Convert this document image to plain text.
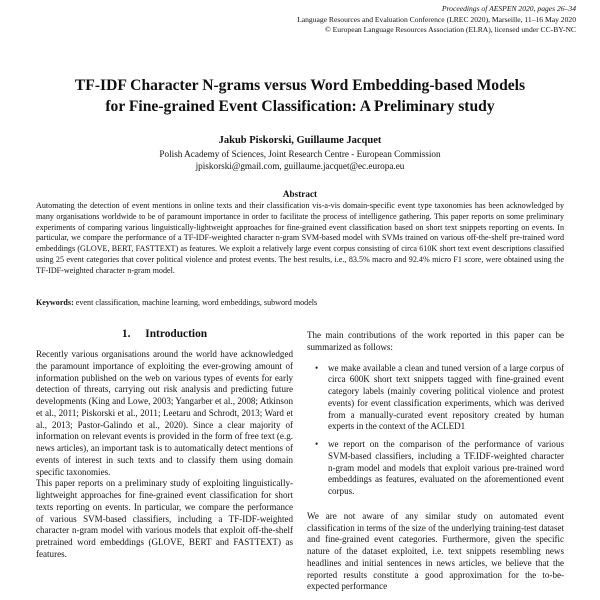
Proceedings of AESPEN 2020, pages 26–34
Language Resources and Evaluation Conference (LREC 2020), Marseille, 11–16 May 2020
© European Language Resources Association (ELRA), licensed under CC-BY-NC
TF-IDF Character N-grams versus Word Embedding-based Models
for Fine-grained Event Classification: A Preliminary study
Jakub Piskorski, Guillaume Jacquet
Polish Academy of Sciences, Joint Research Centre - European Commission
jpiskorski@gmail.com, guillaume.jacquet@ec.europa.eu
Abstract
Automating the detection of event mentions in online texts and their classification vis-a-vis domain-specific event type taxonomies has been acknowledged by many organisations worldwide to be of paramount importance in order to facilitate the process of intelligence gathering. This paper reports on some preliminary experiments of comparing various linguistically-lightweight approaches for fine-grained event classification based on short text snippets reporting on events. In particular, we compare the performance of a TF-IDF-weighted character n-gram SVM-based model with SVMs trained on various off-the-shelf pre-trained word embeddings (GLOVE, BERT, FASTTEXT) as features. We exploit a relatively large event corpus consisting of circa 610K short text event descriptions classified using 25 event categories that cover political violence and protest events. The best results, i.e., 83.5% macro and 92.4% micro F1 score, were obtained using the TF-IDF-weighted character n-gram model.
Keywords: event classification, machine learning, word embeddings, subword models
1. Introduction

Recently various organisations around the world have acknowledged the paramount importance of exploiting the ever-growing amount of information published on the web on various types of events for early detection of threats, carrying out risk analysis and predicting future developments (King and Lowe, 2003; Yangarber et al., 2008; Atkinson et al., 2011; Piskorski et al., 2011; Leetaru and Schrodt, 2013; Ward et al., 2013; Pastor-Galindo et al., 2020). Since a clear majority of information on relevant events is provided in the form of free text (e.g. news articles), an important task is to automatically detect mentions of events of interest in such texts and to classify them using domain specific taxonomies.

This paper reports on a preliminary study of exploiting linguistically-lightweight approaches for fine-grained event classification for short texts reporting on events. In particular, we compare the performance of various SVM-based classifiers, including a TF-IDF-weighted character n-gram model with various models that exploit off-the-shelf pretrained word embeddings (GLOVE, BERT and FASTTEXT) as features.

The main contributions of the work reported in this paper can be summarized as follows:

• we make available a clean and tuned version of a large corpus of circa 600K short text snippets tagged with fine-grained event category labels (mainly covering political violence and protest events) for event classification experiments, which was derived from a manually-curated event repository created by human experts in the context of the ACLED1
• we report on the comparison of the performance of various SVM-based classifiers, including a TF.IDF-weighted character n-gram model and models that exploit various pre-trained word embeddings as features, evaluated on the aforementioned event corpus.

We are not aware of any similar study on automated event classification in terms of the size of the underlying training-test dataset and fine-grained event categories. Furthermore, given the specific nature of the dataset exploited, i.e. text snippets resembling news headlines and initial sentences in news articles, we believe that the reported results constitute a good approximation for the to-be-expected performance
